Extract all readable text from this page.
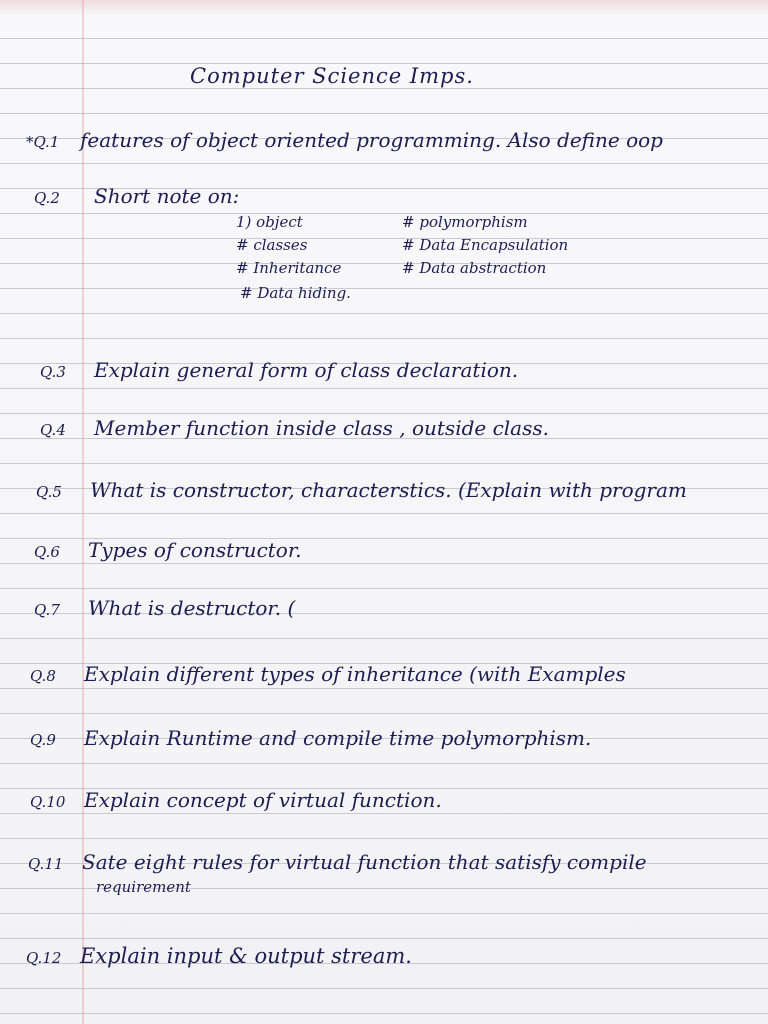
Computer Science Imps.
*Q.1 features of object oriented programming. Also define oop
Q.2 Short note on:
1) object
# classes
# Inheritance
# Data hiding.
# polymorphism
# Data Encapsulation
# Data abstraction
Q.3 Explain general form of class declaration.
Q.4 Member function inside class , outside class.
Q.5 What is constructor, characterstics. (Explain with program
Q.6 Types of constructor.
Q.7 What is destructor. (
Q.8 Explain different types of inheritance (with Examples
Q.9 Explain Runtime and compile time polymorphism.
Q.10 Explain concept of virtual function.
Q.11 Sate eight rules for virtual function that satisfy compile
requirement
Q.12 Explain input & output stream.
